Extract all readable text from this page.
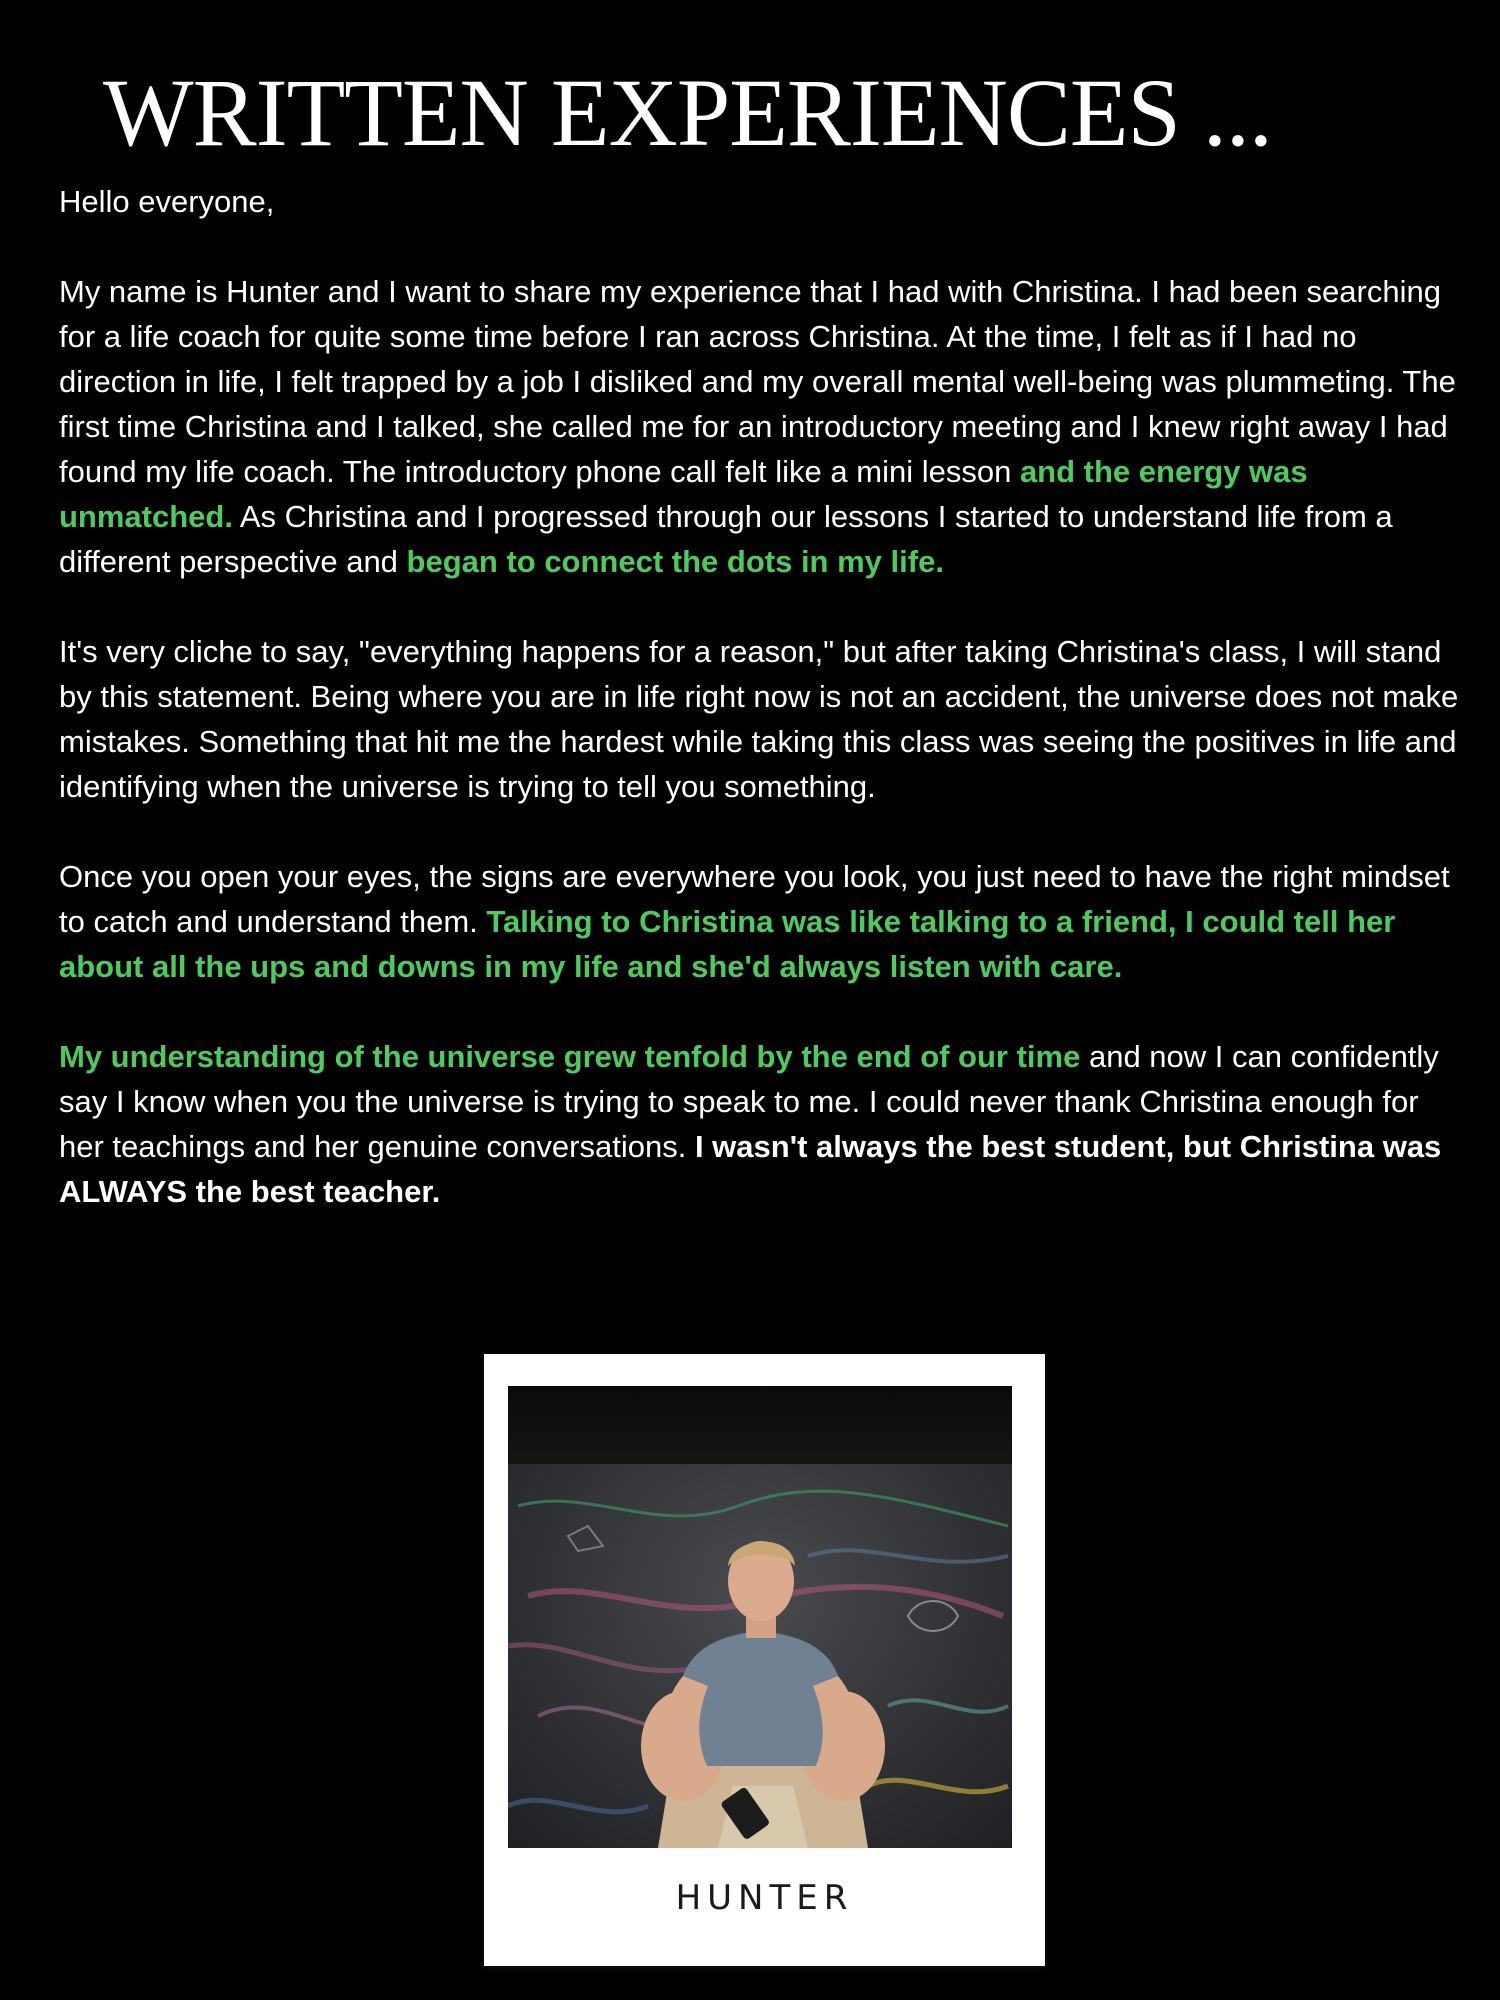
WRITTEN EXPERIENCES ...

Hello everyone,

My name is Hunter and I want to share my experience that I had with Christina. I had been searching for a life coach for quite some time before I ran across Christina. At the time, I felt as if I had no direction in life, I felt trapped by a job I disliked and my overall mental well-being was plummeting. The first time Christina and I talked, she called me for an introductory meeting and I knew right away I had found my life coach. The introductory phone call felt like a mini lesson and the energy was unmatched. As Christina and I progressed through our lessons I started to understand life from a different perspective and began to connect the dots in my life.

It's very cliche to say, "everything happens for a reason," but after taking Christina's class, I will stand by this statement. Being where you are in life right now is not an accident, the universe does not make mistakes. Something that hit me the hardest while taking this class was seeing the positives in life and identifying when the universe is trying to tell you something.

Once you open your eyes, the signs are everywhere you look, you just need to have the right mindset to catch and understand them. Talking to Christina was like talking to a friend, I could tell her about all the ups and downs in my life and she'd always listen with care.

My understanding of the universe grew tenfold by the end of our time and now I can confidently say I know when you the universe is trying to speak to me. I could never thank Christina enough for her teachings and her genuine conversations. I wasn't always the best student, but Christina was ALWAYS the best teacher.

HUNTER
